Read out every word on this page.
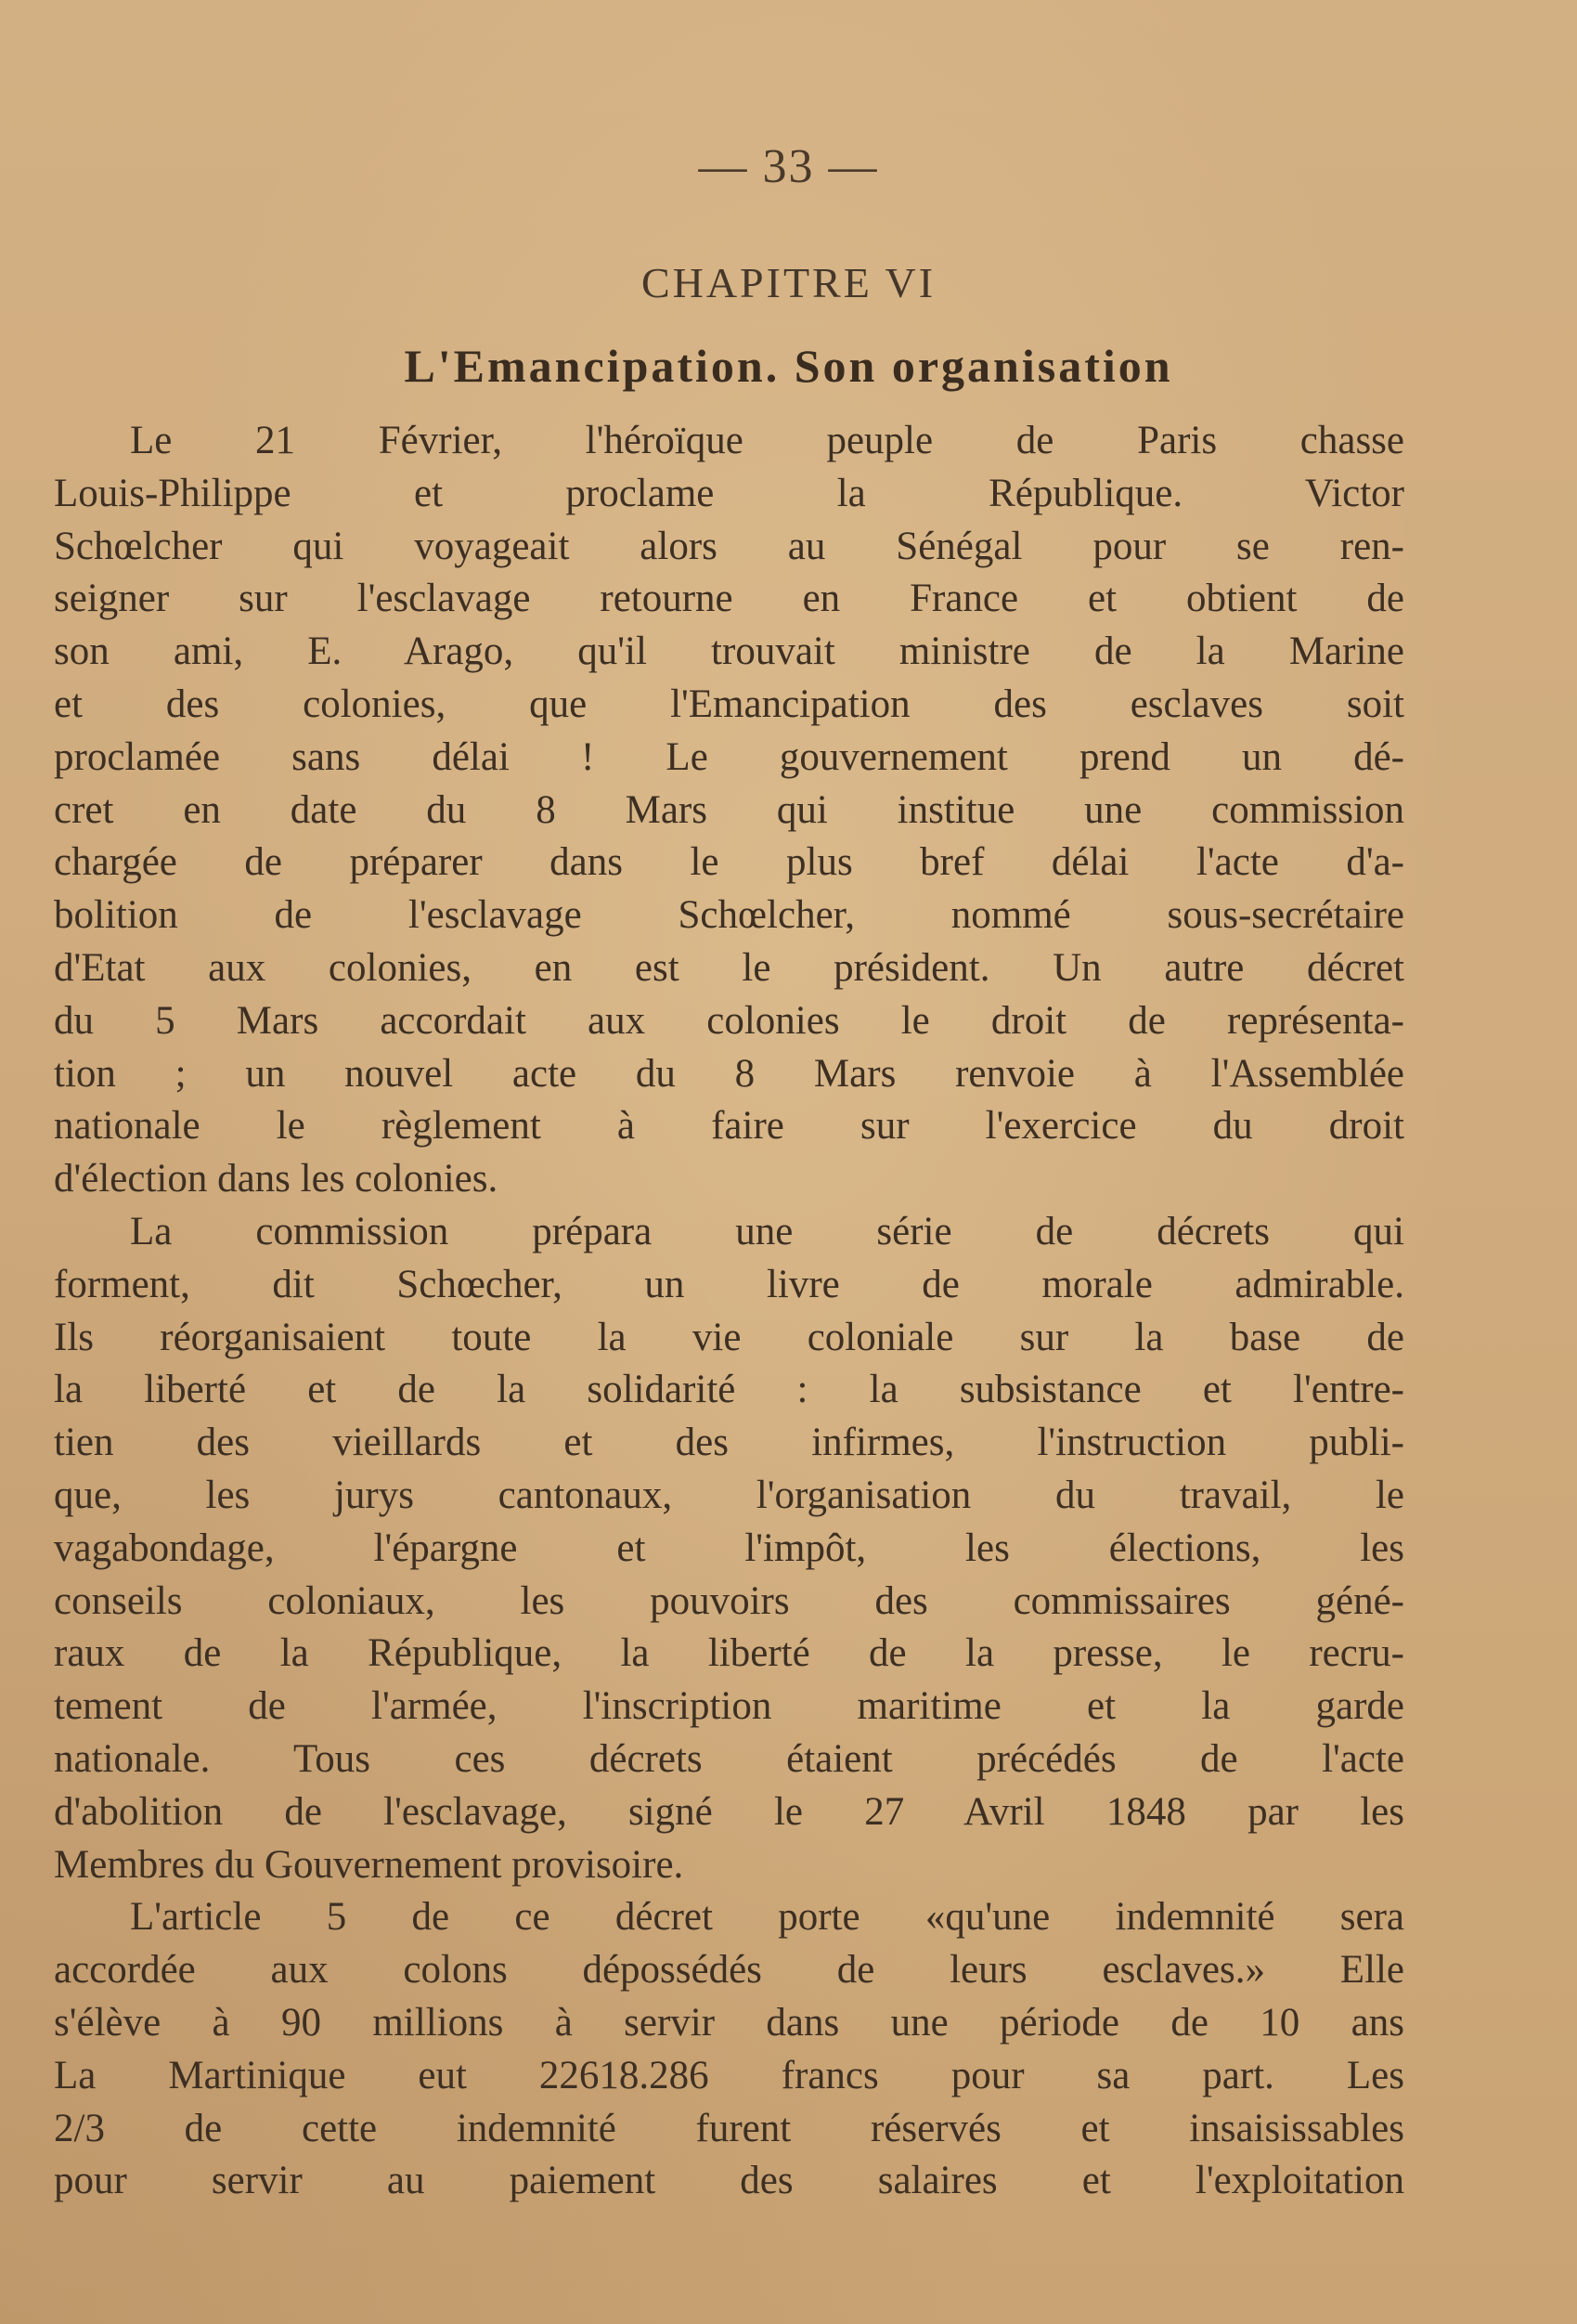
— 33 —
CHAPITRE VI
L'Emancipation. Son organisation
Le 21 Février, l'héroïque peuple de Paris chasse
Louis-Philippe et proclame la République. Victor
Schœlcher qui voyageait alors au Sénégal pour se ren-
seigner sur l'esclavage retourne en France et obtient de
son ami, E. Arago, qu'il trouvait ministre de la Marine
et des colonies, que l'Emancipation des esclaves soit
proclamée sans délai ! Le gouvernement prend un dé-
cret en date du 8 Mars qui institue une commission
chargée de préparer dans le plus bref délai l'acte d'a-
bolition de l'esclavage Schœlcher, nommé sous-secrétaire
d'Etat aux colonies, en est le président. Un autre décret
du 5 Mars accordait aux colonies le droit de représenta-
tion ; un nouvel acte du 8 Mars renvoie à l'Assemblée
nationale le règlement à faire sur l'exercice du droit
d'élection dans les colonies.
La commission prépara une série de décrets qui
forment, dit Schœcher, un livre de morale admirable.
Ils réorganisaient toute la vie coloniale sur la base de
la liberté et de la solidarité : la subsistance et l'entre-
tien des vieillards et des infirmes, l'instruction publi-
que, les jurys cantonaux, l'organisation du travail, le
vagabondage, l'épargne et l'impôt, les élections, les
conseils coloniaux, les pouvoirs des commissaires géné-
raux de la République, la liberté de la presse, le recru-
tement de l'armée, l'inscription maritime et la garde
nationale. Tous ces décrets étaient précédés de l'acte
d'abolition de l'esclavage, signé le 27 Avril 1848 par les
Membres du Gouvernement provisoire.
L'article 5 de ce décret porte «qu'une indemnité sera
accordée aux colons dépossédés de leurs esclaves.» Elle
s'élève à 90 millions à servir dans une période de 10 ans
La Martinique eut 22618.286 francs pour sa part. Les
2/3 de cette indemnité furent réservés et insaisissables
pour servir au paiement des salaires et l'exploitation
